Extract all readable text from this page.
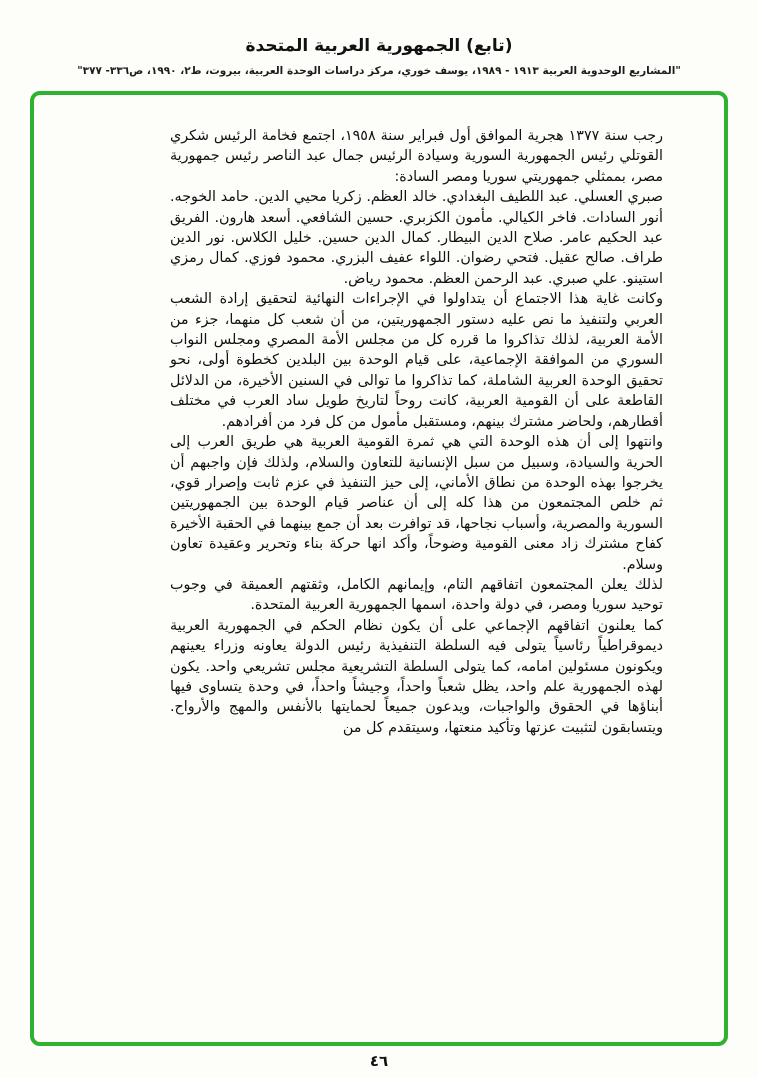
(تابع) الجمهورية العربية المتحدة
"المشاريع الوحدوية العربية ١٩١٣ - ١٩٨٩، يوسف خوري، مركز دراسات الوحدة العربية، بيروت، ط٢، ١٩٩٠، ص٣٣٦- ٣٧٧"

رجب سنة ١٣٧٧ هجرية الموافق أول فبراير سنة ١٩٥٨، اجتمع فخامة الرئيس شكري القوتلي رئيس الجمهورية السورية وسيادة الرئيس جمال عبد الناصر رئيس جمهورية مصر، بممثلي جمهوريتي سوريا ومصر السادة:

صبري العسلي. عبد اللطيف البغدادي. خالد العظم. زكريا محيي الدين. حامد الخوجه. أنور السادات. فاخر الكيالي. مأمون الكزبري. حسين الشافعي. أسعد هارون. الفريق عبد الحكيم عامر. صلاح الدين البيطار. كمال الدين حسين. خليل الكلاس. نور الدين طراف. صالح عقيل. فتحي رضوان. اللواء عفيف البزري. محمود فوزي. كمال رمزي استينو. علي صبري. عبد الرحمن العظم. محمود رياض.

وكانت غاية هذا الاجتماع أن يتداولوا في الإجراءات النهائية لتحقيق إرادة الشعب العربي ولتنفيذ ما نص عليه دستور الجمهوريتين، من أن شعب كل منهما، جزء من الأمة العربية، لذلك تذاكروا ما قرره كل من مجلس الأمة المصري ومجلس النواب السوري من الموافقة الإجماعية، على قيام الوحدة بين البلدين كخطوة أولى، نحو تحقيق الوحدة العربية الشاملة، كما تذاكروا ما توالى في السنين الأخيرة، من الدلائل القاطعة على أن القومية العربية، كانت روحاً لتاريخ طويل ساد العرب في مختلف أقطارهم، ولحاضر مشترك بينهم، ومستقبل مأمول من كل فرد من أفرادهم.

وانتهوا إلى أن هذه الوحدة التي هي ثمرة القومية العربية هي طريق العرب إلى الحرية والسيادة، وسبيل من سبل الإنسانية للتعاون والسلام، ولذلك فإن واجبهم أن يخرجوا بهذه الوحدة من نطاق الأماني، إلى حيز التنفيذ في عزم ثابت وإصرار قوي، ثم خلص المجتمعون من هذا كله إلى أن عناصر قيام الوحدة بين الجمهوريتين السورية والمصرية، وأسباب نجاحها، قد توافرت بعد أن جمع بينهما في الحقبة الأخيرة كفاح مشترك زاد معنى القومية وضوحاً، وأكد انها حركة بناء وتحرير وعقيدة تعاون وسلام.

لذلك يعلن المجتمعون اتفاقهم التام، وإيمانهم الكامل، وثقتهم العميقة في وجوب توحيد سوريا ومصر، في دولة واحدة، اسمها الجمهورية العربية المتحدة.

كما يعلنون اتفاقهم الإجماعي على أن يكون نظام الحكم في الجمهورية العربية ديموقراطياً رئاسياً يتولى فيه السلطة التنفيذية رئيس الدولة يعاونه وزراء يعينهم ويكونون مسئولين امامه، كما يتولى السلطة التشريعية مجلس تشريعي واحد. يكون لهذه الجمهورية علم واحد، يظل شعباً واحداً، وجيشاً واحداً، في وحدة يتساوى فيها أبناؤها في الحقوق والواجبات، ويدعون جميعاً لحمايتها بالأنفس والمهج والأرواح. ويتسابقون لتثبيت عزتها وتأكيد منعتها، وسيتقدم كل من

٤٦
